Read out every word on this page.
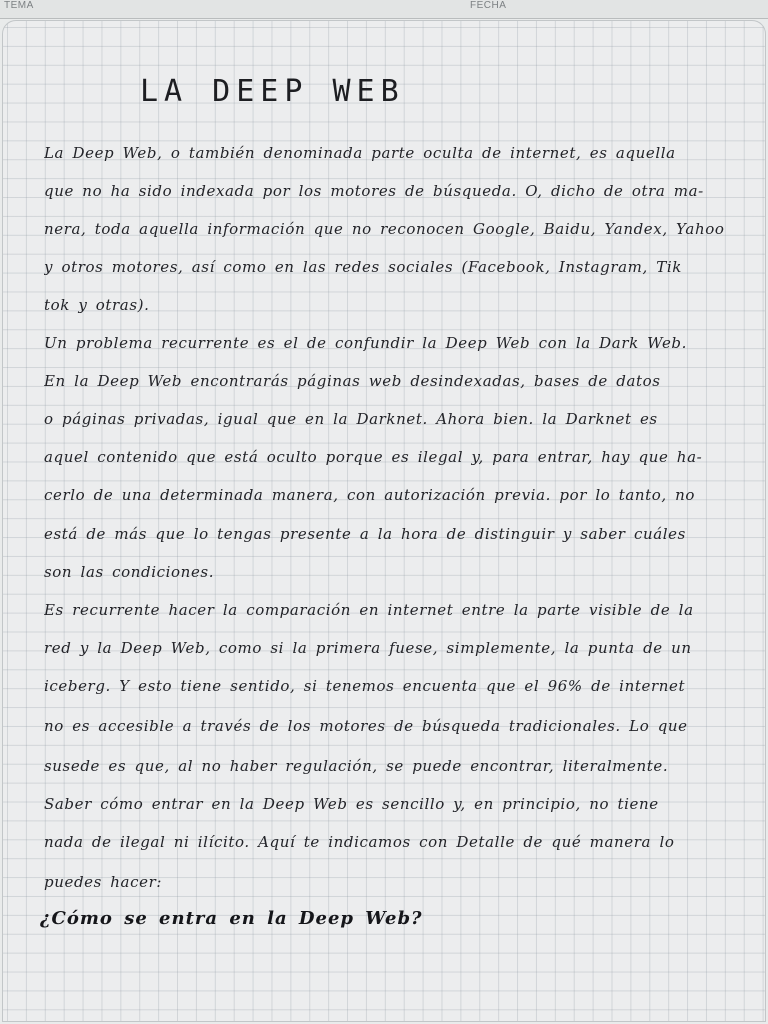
TEMA	FECHA
LA DEEP WEB

La Deep Web, o también denominada parte oculta de internet, es aquella

que no ha sido indexada por los motores de búsqueda. O, dicho de otra ma-

nera, toda aquella información que no reconocen Google, Baidu, Yandex, Yahoo

y otros motores, así como en las redes sociales (Facebook, Instagram, Tik

tok y otras).

Un problema recurrente es el de confundir la Deep Web con la Dark Web.

En la Deep Web encontrarás páginas web desindexadas, bases de datos

o páginas privadas, igual que en la Darknet. Ahora bien. la Darknet es

aquel contenido que está oculto porque es ilegal y, para entrar, hay que ha-

cerlo de una determinada manera, con autorización previa. por lo tanto, no

está de más que lo tengas presente a la hora de distinguir y saber cuáles

son las condiciones.

Es recurrente hacer la comparación en internet entre la parte visible de la

red y la Deep Web, como si la primera fuese, simplemente, la punta de un

iceberg. Y esto tiene sentido, si tenemos encuenta que el 96% de internet

no es accesible a través de los motores de búsqueda tradicionales. Lo que

susede es que, al no haber regulación, se puede encontrar, literalmente.

Saber cómo entrar en la Deep Web es sencillo y, en principio, no tiene

nada de ilegal ni ilícito. Aquí te indicamos con Detalle de qué manera lo

puedes hacer:

¿Cómo se entra en la Deep Web?
